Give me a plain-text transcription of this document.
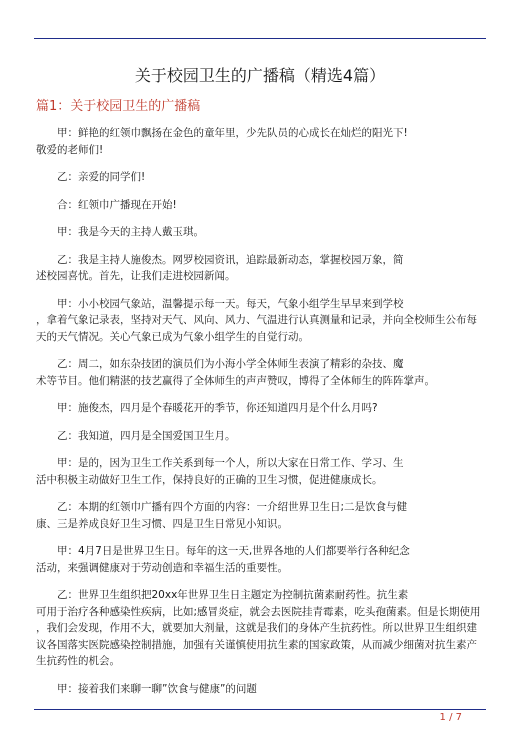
关于校园卫生的广播稿（精选4篇）
篇1：关于校园卫生的广播稿

甲：鲜艳的红领巾飘扬在金色的童年里，少先队员的心成长在灿烂的阳光下!
敬爱的老师们!

乙：亲爱的同学们!

合：红领巾广播现在开始!

甲：我是今天的主持人戴玉琪。

乙：我是主持人施俊杰。网罗校园资讯，追踪最新动态，掌握校园万象，简
述校园喜忧。首先，让我们走进校园新闻。

甲：小小校园气象站，温馨提示每一天。每天，气象小组学生早早来到学校
，拿着气象记录表，坚持对天气、风向、风力、气温进行认真测量和记录，并向全校师生公布每
天的天气情况。关心气象已成为气象小组学生的自觉行动。

乙：周二，如东杂技团的演员们为小海小学全体师生表演了精彩的杂技、魔
术等节目。他们精湛的技艺赢得了全体师生的声声赞叹，博得了全体师生的阵阵掌声。

甲：施俊杰，四月是个春暖花开的季节，你还知道四月是个什么月吗?

乙：我知道，四月是全国爱国卫生月。

甲：是的，因为卫生工作关系到每一个人，所以大家在日常工作、学习、生
活中积极主动做好卫生工作，保持良好的正确的卫生习惯，促进健康成长。

乙：本期的红领巾广播有四个方面的内容：一介绍世界卫生日;二是饮食与健
康、三是养成良好卫生习惯、四是卫生日常见小知识。

甲：4月7日是世界卫生日。每年的这一天,世界各地的人们都要举行各种纪念
活动，来强调健康对于劳动创造和幸福生活的重要性。

乙：世界卫生组织把20xx年世界卫生日主题定为控制抗菌素耐药性。抗生素
可用于治疗各种感染性疾病，比如;感冒炎症，就会去医院挂青霉素，吃头孢菌素。但是长期使用
，我们会发现，作用不大，就要加大剂量，这就是我们的身体产生抗药性。所以世界卫生组织建
议各国落实医院感染控制措施，加强有关谨慎使用抗生素的国家政策，从而减少细菌对抗生素产
生抗药性的机会。

甲：接着我们来聊一聊”饮食与健康”的问题

1 / 7
